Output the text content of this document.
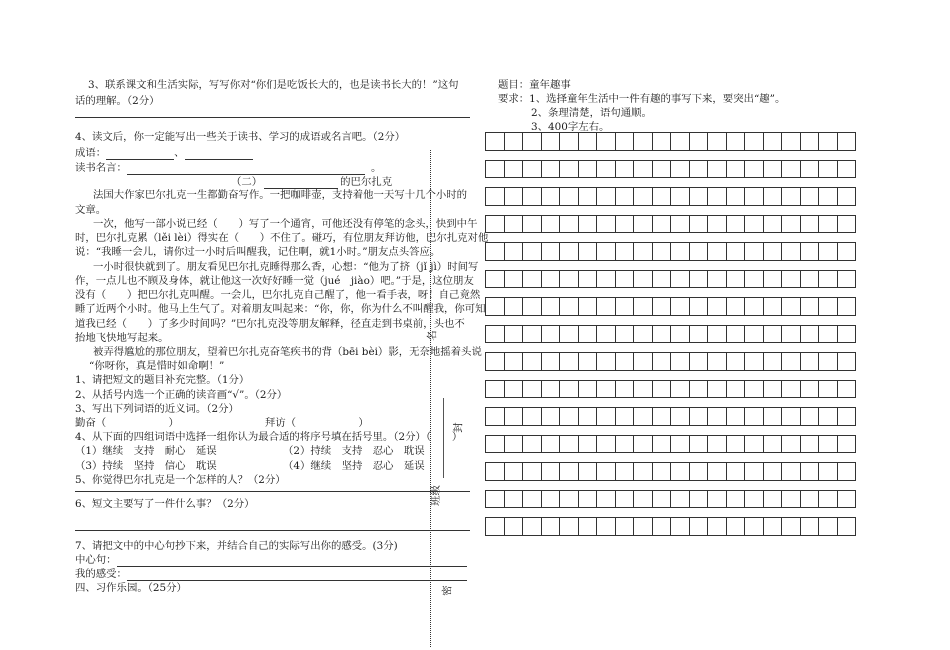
3、联系课文和生活实际，写写你对“你们是吃饭长大的，也是读书长大的！”这句
话的理解。（2分）
4、读文后，你一定能写出一些关于读书、学习的成语或名言吧。（2分）
成语：	、
读书名言：	。
（二）	的巴尔扎克
法国大作家巴尔扎克一生都勤奋写作。一把咖啡壶，支持着他一天写十几个小时的
文章。
一次，他写一部小说已经（　　）写了一个通宵，可他还没有停笔的念头，快到中午
时，巴尔扎克累（lěi lèi）得实在（　　）不住了。碰巧，有位朋友拜访他，巴尔扎克对他
说：“我睡一会儿，请你过一小时后叫醒我，记住啊，就1小时。”朋友点头答应。
一小时很快就到了。朋友看见巴尔扎克睡得那么香，心想：“他为了挤（jǐ jì）时间写
作，一点儿也不顾及身体，就让他这一次好好睡一觉（jué　jiào）吧。”于是，这位朋友
没有（　　）把巴尔扎克叫醒。一会儿，巴尔扎克自己醒了，他一看手表，呀！自己竟然
睡了近两个小时。他马上生气了。对着朋友叫起来：“你，你，你为什么不叫醒我，你可知
道我已经（　　）了多少时间吗？”巴尔扎克没等朋友解释，径直走到书桌前，头也不
抬地飞快地写起来。
被弄得尴尬的那位朋友，望着巴尔扎克奋笔疾书的背（bēi bèi）影，无奈地摇着头说
“你呀你，真是惜时如命啊！”
1、请把短文的题目补充完整。（1分）
2、从括号内选一个正确的读音画“√”。（2分）
3、写出下列词语的近义词。（2分）
勤奋（　　　　　　）	拜访（　　　　　　）
4、从下面的四组词语中选择一组你认为最合适的将序号填在括号里。（2分）（　　）
（1）继续　支持　耐心　延误	（2）持续　支持　忍心　耽误
（3）持续　坚持　信心　耽误	（4）继续　坚持　忍心　延误
5、你觉得巴尔扎克是一个怎样的人？（2分）
6、短文主要写了一件什么事？（2分）
7、请把文中的中心句抄下来，并结合自己的实际写出你的感受。(3分)
中心句：
我的感受：
四、习作乐园。（25分）
名
封
班级
密
题目：童年趣事
要求：1、选择童年生活中一件有趣的事写下来，要突出“趣”。
2、条理清楚，语句通顺。
3、400字左右。
